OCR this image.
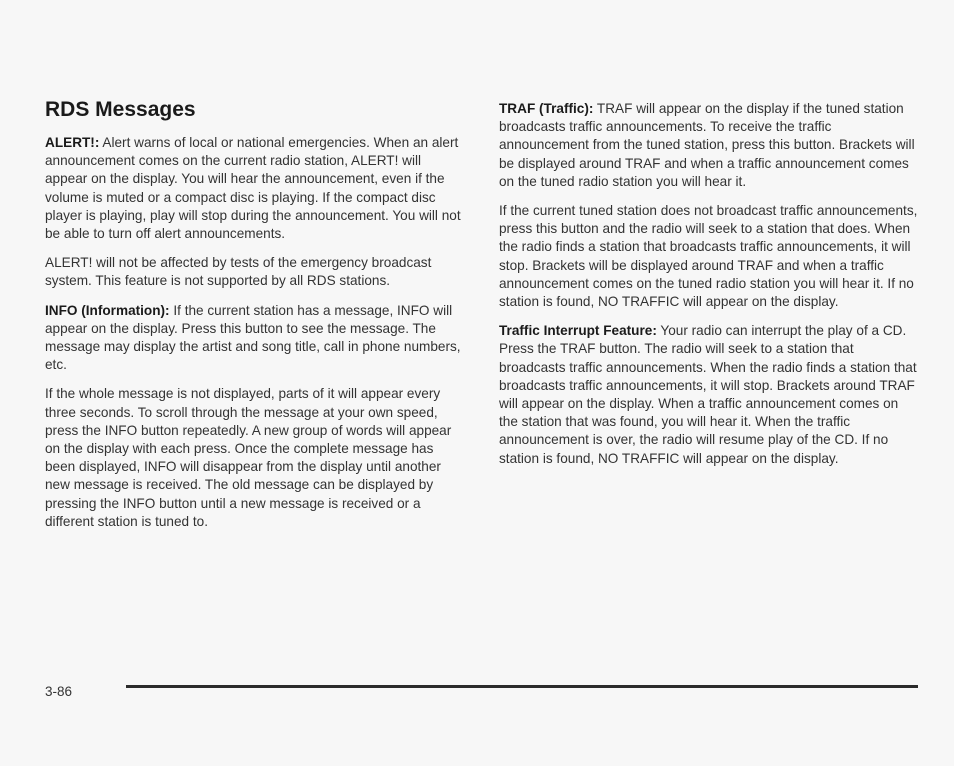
RDS Messages

ALERT!: Alert warns of local or national emergencies. When an alert announcement comes on the current radio station, ALERT! will appear on the display. You will hear the announcement, even if the volume is muted or a compact disc is playing. If the compact disc player is playing, play will stop during the announcement. You will not be able to turn off alert announcements.

ALERT! will not be affected by tests of the emergency broadcast system. This feature is not supported by all RDS stations.

INFO (Information): If the current station has a message, INFO will appear on the display. Press this button to see the message. The message may display the artist and song title, call in phone numbers, etc.

If the whole message is not displayed, parts of it will appear every three seconds. To scroll through the message at your own speed, press the INFO button repeatedly. A new group of words will appear on the display with each press. Once the complete message has been displayed, INFO will disappear from the display until another new message is received. The old message can be displayed by pressing the INFO button until a new message is received or a different station is tuned to.

TRAF (Traffic): TRAF will appear on the display if the tuned station broadcasts traffic announcements. To receive the traffic announcement from the tuned station, press this button. Brackets will be displayed around TRAF and when a traffic announcement comes on the tuned radio station you will hear it.

If the current tuned station does not broadcast traffic announcements, press this button and the radio will seek to a station that does. When the radio finds a station that broadcasts traffic announcements, it will stop. Brackets will be displayed around TRAF and when a traffic announcement comes on the tuned radio station you will hear it. If no station is found, NO TRAFFIC will appear on the display.

Traffic Interrupt Feature: Your radio can interrupt the play of a CD. Press the TRAF button. The radio will seek to a station that broadcasts traffic announcements. When the radio finds a station that broadcasts traffic announcements, it will stop. Brackets around TRAF will appear on the display. When a traffic announcement comes on the station that was found, you will hear it. When the traffic announcement is over, the radio will resume play of the CD. If no station is found, NO TRAFFIC will appear on the display.

3-86
